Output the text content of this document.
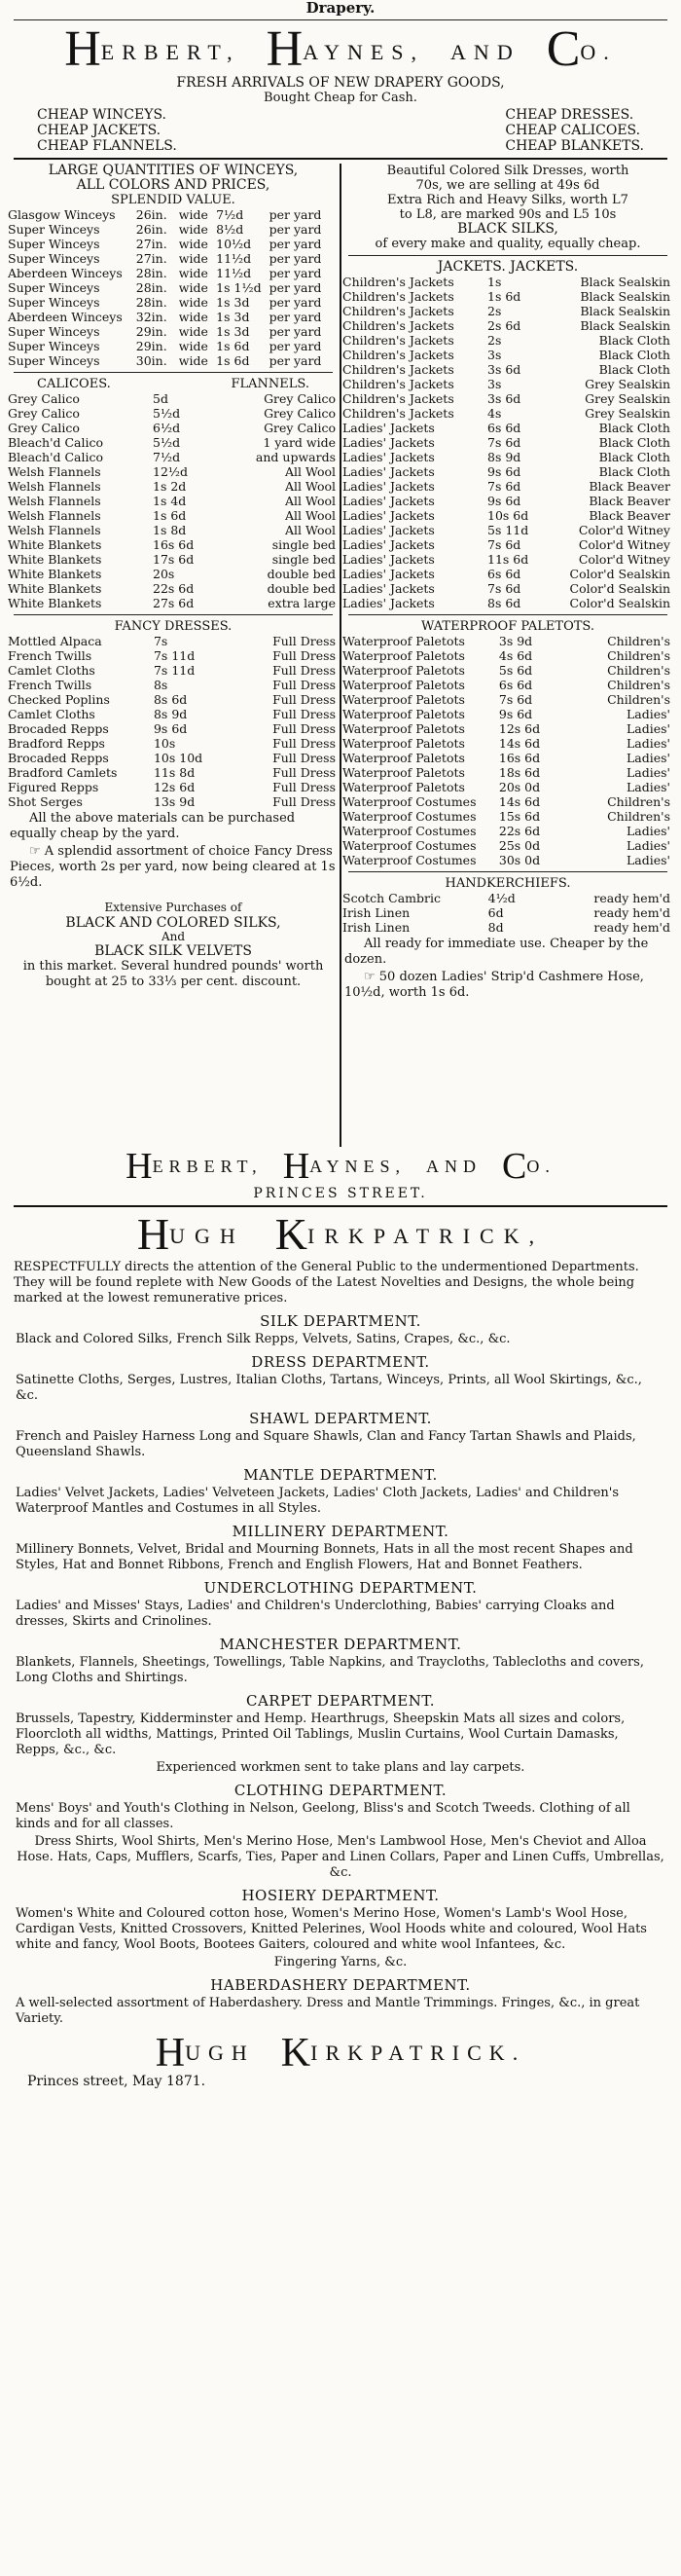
Drapery.
HERBERT, HAYNES, AND CO.
FRESH ARRIVALS OF NEW DRAPERY GOODS,
Bought Cheap for Cash.
CHEAP WINCEYS.
CHEAP JACKETS.
CHEAP FLANNELS.
CHEAP DRESSES.
CHEAP CALICOES.
CHEAP BLANKETS.
LARGE QUANTITIES OF WINCEYS,
ALL COLORS AND PRICES,
SPLENDID VALUE.
Glasgow Winceys	26in.	wide	7½d	per yard
Super Winceys	26in.	wide	8½d	per yard
Super Winceys	27in.	wide	10½d	per yard
Super Winceys	27in.	wide	11½d	per yard
Aberdeen Winceys	28in.	wide	11½d	per yard
Super Winceys	28in.	wide	1s 1½d	per yard
Super Winceys	28in.	wide	1s 3d	per yard
Aberdeen Winceys	32in.	wide	1s 3d	per yard
Super Winceys	29in.	wide	1s 3d	per yard
Super Winceys	29in.	wide	1s 6d	per yard
Super Winceys	30in.	wide	1s 6d	per yard
CALICOES.	FLANNELS.
Grey Calico	5d	Grey Calico
Grey Calico	5½d	Grey Calico
Grey Calico	6½d	Grey Calico
Bleach'd Calico	5½d	1 yard wide
Bleach'd Calico	7½d	and upwards
Welsh Flannels	12½d	All Wool
Welsh Flannels	1s 2d	All Wool
Welsh Flannels	1s 4d	All Wool
Welsh Flannels	1s 6d	All Wool
Welsh Flannels	1s 8d	All Wool
White Blankets	16s 6d	single bed
White Blankets	17s 6d	single bed
White Blankets	20s	double bed
White Blankets	22s 6d	double bed
White Blankets	27s 6d	extra large
FANCY DRESSES.
Mottled Alpaca	7s	Full Dress
French Twills	7s 11d	Full Dress
Camlet Cloths	7s 11d	Full Dress
French Twills	8s	Full Dress
Checked Poplins	8s 6d	Full Dress
Camlet Cloths	8s 9d	Full Dress
Brocaded Repps	9s 6d	Full Dress
Bradford Repps	10s	Full Dress
Brocaded Repps	10s 10d	Full Dress
Bradford Camlets	11s 8d	Full Dress
Figured Repps	12s 6d	Full Dress
Shot Serges	13s 9d	Full Dress
All the above materials can be purchased equally cheap by the yard.
☞ A splendid assortment of choice Fancy Dress Pieces, worth 2s per yard, now being cleared at 1s 6½d.
Extensive Purchases of
BLACK AND COLORED SILKS,
And
BLACK SILK VELVETS
in this market. Several hundred pounds' worth bought at 25 to 33⅓ per cent. discount.
Beautiful Colored Silk Dresses, worth
70s, we are selling at 49s 6d
Extra Rich and Heavy Silks, worth L7
to L8, are marked 90s and L5 10s
BLACK SILKS,
of every make and quality, equally cheap.
JACKETS. JACKETS.
Children's Jackets	1s	Black Sealskin
Children's Jackets	1s 6d	Black Sealskin
Children's Jackets	2s	Black Sealskin
Children's Jackets	2s 6d	Black Sealskin
Children's Jackets	2s	Black Cloth
Children's Jackets	3s	Black Cloth
Children's Jackets	3s 6d	Black Cloth
Children's Jackets	3s	Grey Sealskin
Children's Jackets	3s 6d	Grey Sealskin
Children's Jackets	4s	Grey Sealskin
Ladies' Jackets	6s 6d	Black Cloth
Ladies' Jackets	7s 6d	Black Cloth
Ladies' Jackets	8s 9d	Black Cloth
Ladies' Jackets	9s 6d	Black Cloth
Ladies' Jackets	7s 6d	Black Beaver
Ladies' Jackets	9s 6d	Black Beaver
Ladies' Jackets	10s 6d	Black Beaver
Ladies' Jackets	5s 11d	Color'd Witney
Ladies' Jackets	7s 6d	Color'd Witney
Ladies' Jackets	11s 6d	Color'd Witney
Ladies' Jackets	6s 6d	Color'd Sealskin
Ladies' Jackets	7s 6d	Color'd Sealskin
Ladies' Jackets	8s 6d	Color'd Sealskin
WATERPROOF PALETOTS.
Waterproof Paletots	3s 9d	Children's
Waterproof Paletots	4s 6d	Children's
Waterproof Paletots	5s 6d	Children's
Waterproof Paletots	6s 6d	Children's
Waterproof Paletots	7s 6d	Children's
Waterproof Paletots	9s 6d	Ladies'
Waterproof Paletots	12s 6d	Ladies'
Waterproof Paletots	14s 6d	Ladies'
Waterproof Paletots	16s 6d	Ladies'
Waterproof Paletots	18s 6d	Ladies'
Waterproof Paletots	20s 0d	Ladies'
Waterproof Costumes	14s 6d	Children's
Waterproof Costumes	15s 6d	Children's
Waterproof Costumes	22s 6d	Ladies'
Waterproof Costumes	25s 0d	Ladies'
Waterproof Costumes	30s 0d	Ladies'
HANDKERCHIEFS.
Scotch Cambric	4½d	ready hem'd
Irish Linen	6d	ready hem'd
Irish Linen	8d	ready hem'd
All ready for immediate use. Cheaper by the dozen.
☞ 50 dozen Ladies' Strip'd Cashmere Hose, 10½d, worth 1s 6d.
HERBERT, HAYNES, AND CO.
PRINCES STREET.
HUGH KIRKPATRICK,
RESPECTFULLY directs the attention of the General Public to the undermentioned Departments. They will be found replete with New Goods of the Latest Novelties and Designs, the whole being marked at the lowest remunerative prices.
SILK DEPARTMENT.
Black and Colored Silks, French Silk Repps, Velvets, Satins, Crapes, &c., &c.
DRESS DEPARTMENT.
Satinette Cloths, Serges, Lustres, Italian Cloths, Tartans, Winceys, Prints, all Wool Skirtings, &c., &c.
SHAWL DEPARTMENT.
French and Paisley Harness Long and Square Shawls, Clan and Fancy Tartan Shawls and Plaids, Queensland Shawls.
MANTLE DEPARTMENT.
Ladies' Velvet Jackets, Ladies' Velveteen Jackets, Ladies' Cloth Jackets, Ladies' and Children's Waterproof Mantles and Costumes in all Styles.
MILLINERY DEPARTMENT.
Millinery Bonnets, Velvet, Bridal and Mourning Bonnets, Hats in all the most recent Shapes and Styles, Hat and Bonnet Ribbons, French and English Flowers, Hat and Bonnet Feathers.
UNDERCLOTHING DEPARTMENT.
Ladies' and Misses' Stays, Ladies' and Children's Underclothing, Babies' carrying Cloaks and dresses, Skirts and Crinolines.
MANCHESTER DEPARTMENT.
Blankets, Flannels, Sheetings, Towellings, Table Napkins, and Traycloths, Tablecloths and covers, Long Cloths and Shirtings.
CARPET DEPARTMENT.
Brussels, Tapestry, Kidderminster and Hemp. Hearthrugs, Sheepskin Mats all sizes and colors, Floorcloth all widths, Mattings, Printed Oil Tablings, Muslin Curtains, Wool Curtain Damasks, Repps, &c., &c.
Experienced workmen sent to take plans and lay carpets.
CLOTHING DEPARTMENT.
Mens' Boys' and Youth's Clothing in Nelson, Geelong, Bliss's and Scotch Tweeds. Clothing of all kinds and for all classes.
Dress Shirts, Wool Shirts, Men's Merino Hose, Men's Lambwool Hose, Men's Cheviot and Alloa Hose. Hats, Caps, Mufflers, Scarfs, Ties, Paper and Linen Collars, Paper and Linen Cuffs, Umbrellas, &c.
HOSIERY DEPARTMENT.
Women's White and Coloured cotton hose, Women's Merino Hose, Women's Lamb's Wool Hose, Cardigan Vests, Knitted Crossovers, Knitted Pelerines, Wool Hoods white and coloured, Wool Hats white and fancy, Wool Boots, Bootees Gaiters, coloured and white wool Infantees, &c.
Fingering Yarns, &c.
HABERDASHERY DEPARTMENT.
A well-selected assortment of Haberdashery. Dress and Mantle Trimmings. Fringes, &c., in great Variety.
HUGH KIRKPATRICK.
Princes street, May 1871.
